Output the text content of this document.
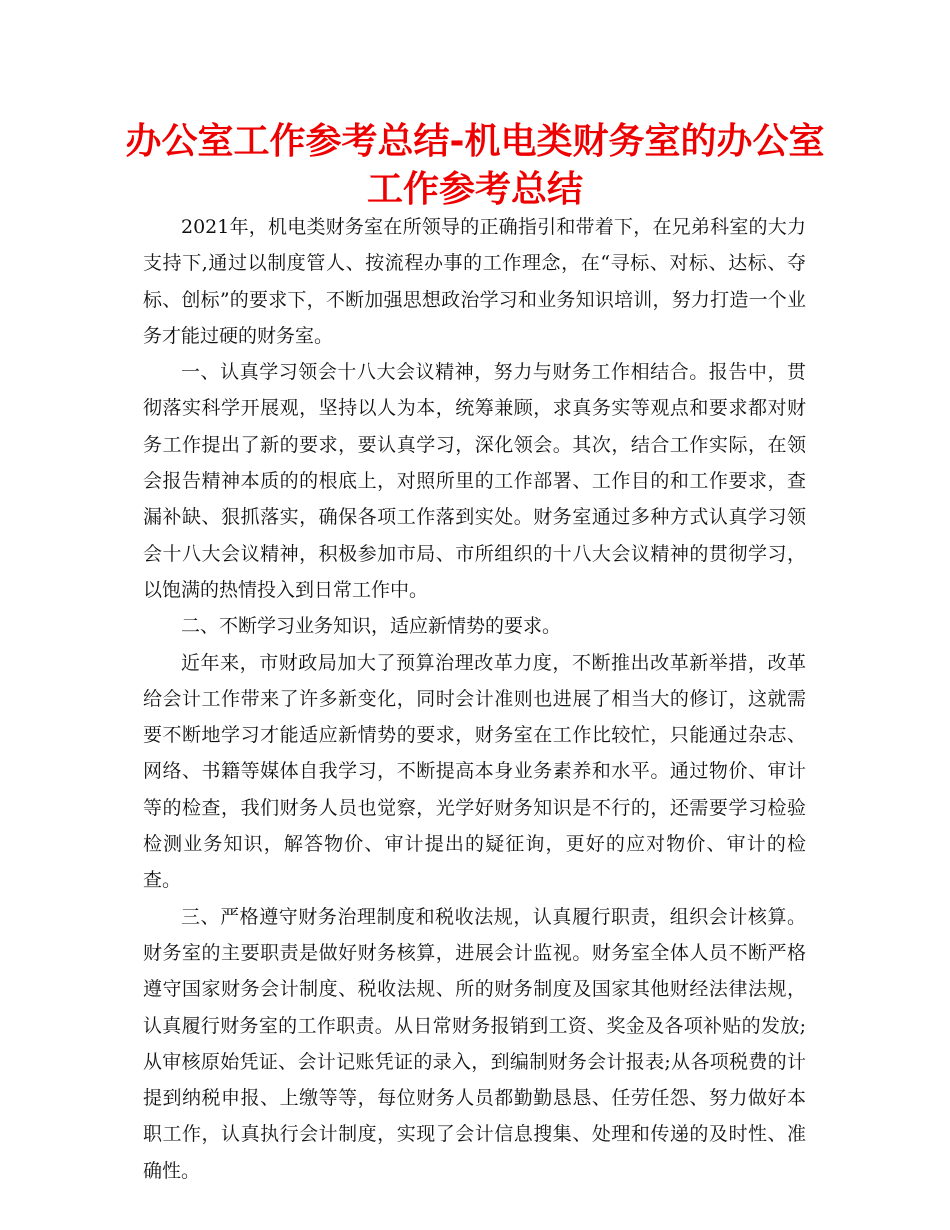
办公室工作参考总结-机电类财务室的办公室工作参考总结

2021年，机电类财务室在所领导的正确指引和带着下，在兄弟科室的大力支持下,通过以制度管人、按流程办事的工作理念，在“寻标、对标、达标、夺标、创标”的要求下，不断加强思想政治学习和业务知识培训，努力打造一个业务才能过硬的财务室。

一、认真学习领会十八大会议精神，努力与财务工作相结合。报告中，贯彻落实科学开展观，坚持以人为本，统筹兼顾，求真务实等观点和要求都对财务工作提出了新的要求，要认真学习，深化领会。其次，结合工作实际，在领会报告精神本质的的根底上，对照所里的工作部署、工作目的和工作要求，查漏补缺、狠抓落实，确保各项工作落到实处。财务室通过多种方式认真学习领会十八大会议精神，积极参加市局、市所组织的十八大会议精神的贯彻学习，以饱满的热情投入到日常工作中。

二、不断学习业务知识，适应新情势的要求。

近年来，市财政局加大了预算治理改革力度，不断推出改革新举措，改革给会计工作带来了许多新变化，同时会计准则也进展了相当大的修订，这就需要不断地学习才能适应新情势的要求，财务室在工作比较忙，只能通过杂志、网络、书籍等媒体自我学习，不断提高本身业务素养和水平。通过物价、审计等的检查，我们财务人员也觉察，光学好财务知识是不行的，还需要学习检验检测业务知识，解答物价、审计提出的疑征询，更好的应对物价、审计的检查。

三、严格遵守财务治理制度和税收法规，认真履行职责，组织会计核算。财务室的主要职责是做好财务核算，进展会计监视。财务室全体人员不断严格遵守国家财务会计制度、税收法规、所的财务制度及国家其他财经法律法规，认真履行财务室的工作职责。从日常财务报销到工资、奖金及各项补贴的发放;从审核原始凭证、会计记账凭证的录入，到编制财务会计报表;从各项税费的计提到纳税申报、上缴等等，每位财务人员都勤勤恳恳、任劳任怨、努力做好本职工作，认真执行会计制度，实现了会计信息搜集、处理和传递的及时性、准确性。
